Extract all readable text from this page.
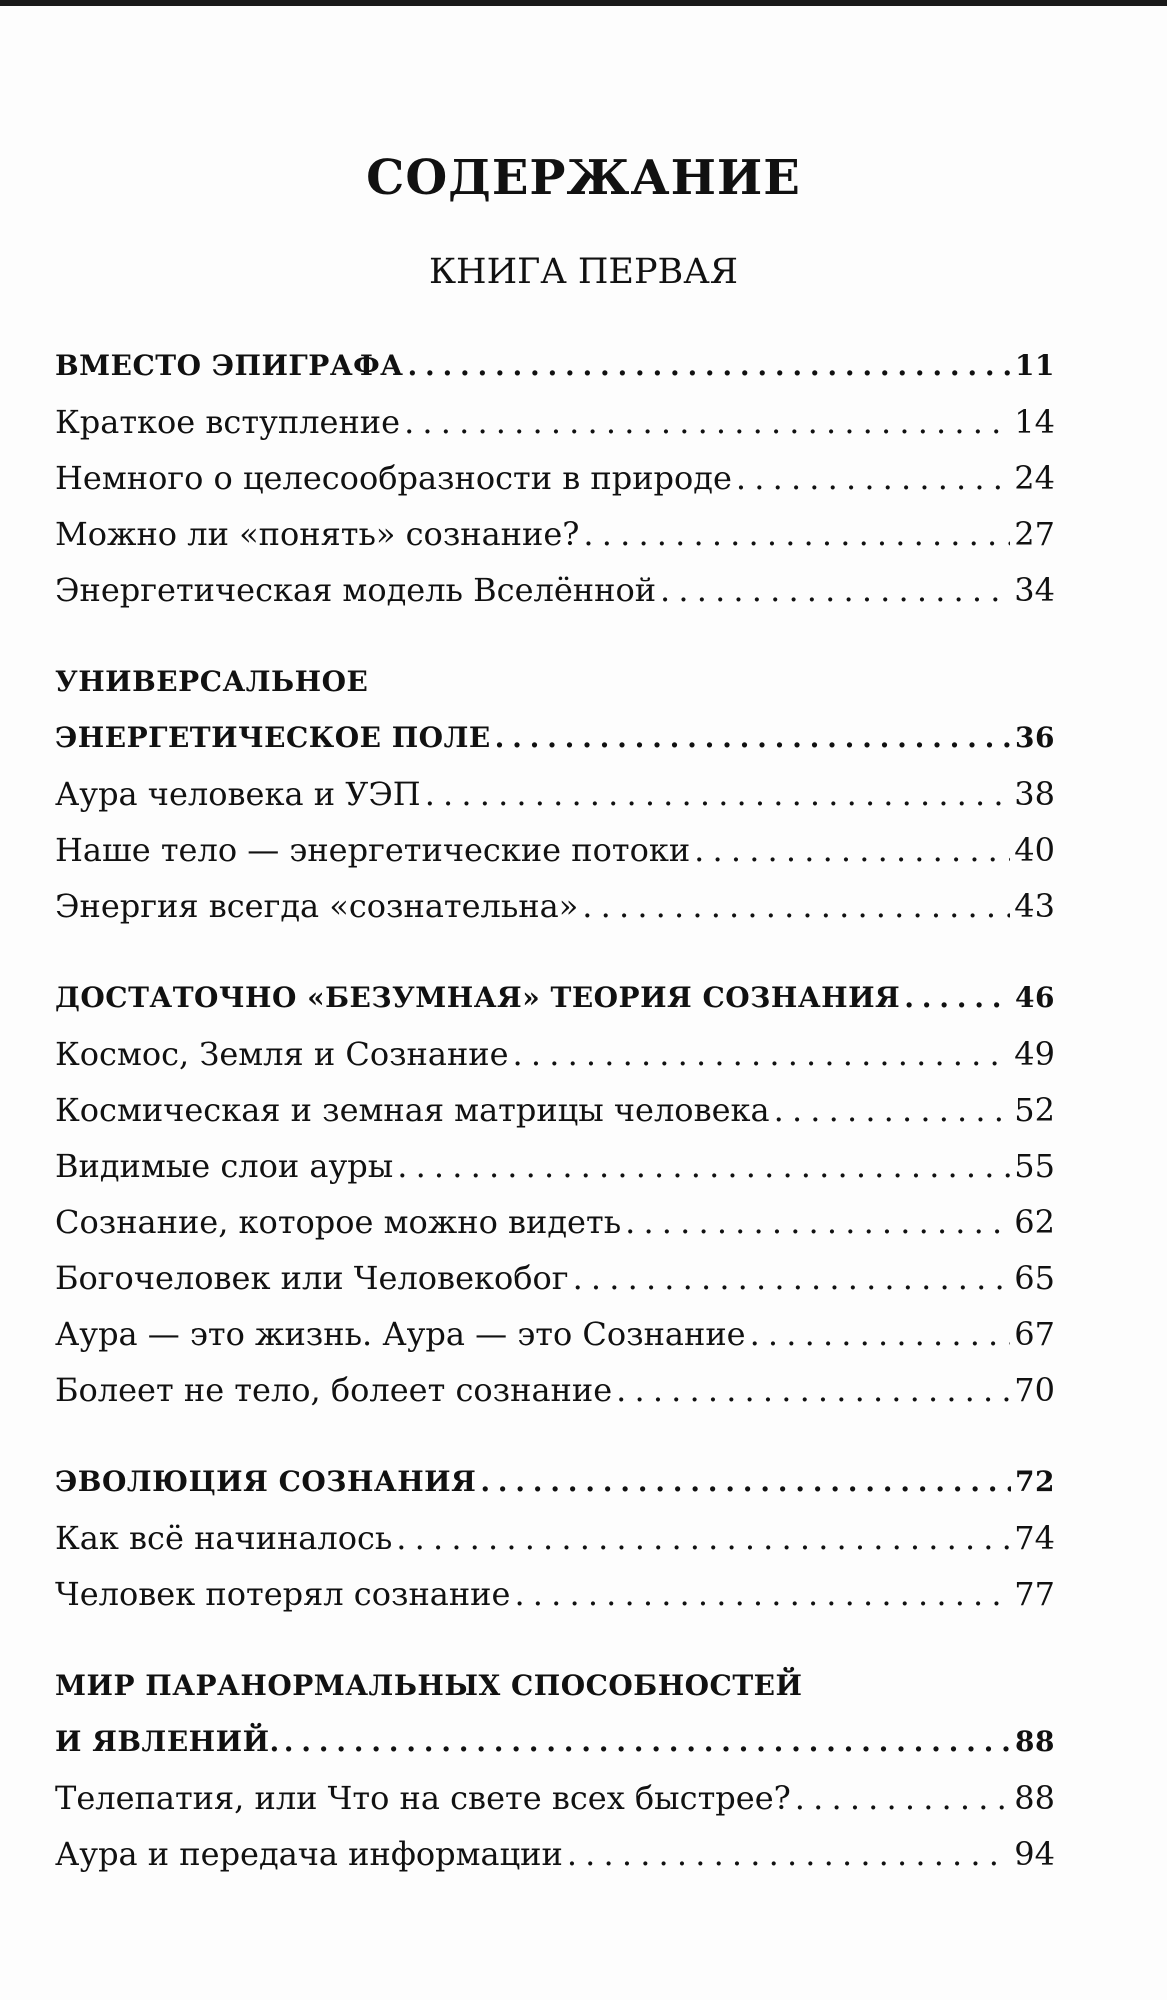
СОДЕРЖАНИЕ
КНИГА ПЕРВАЯ
ВМЕСТО ЭПИГРАФА . . .	11
Краткое вступление . . .	14
Немного о целесообразности в природе . . .	24
Можно ли «понять» сознание? . . .	27
Энергетическая модель Вселённой . . .	34
УНИВЕРСАЛЬНОЕ
ЭНЕРГЕТИЧЕСКОЕ ПОЛЕ . . .	36
Аура человека и УЭП . . .	38
Наше тело — энергетические потоки . . .	40
Энергия всегда «сознательна» . . .	43
ДОСТАТОЧНО «БЕЗУМНАЯ» ТЕОРИЯ СОЗНАНИЯ . . .	46
Космос, Земля и Сознание . . .	49
Космическая и земная матрицы человека . . .	52
Видимые слои ауры . . .	55
Сознание, которое можно видеть . . .	62
Богочеловек или Человекобог . . .	65
Аура — это жизнь. Аура — это Сознание . . .	67
Болеет не тело, болеет сознание . . .	70
ЭВОЛЮЦИЯ СОЗНАНИЯ . . .	72
Как всё начиналось . . .	74
Человек потерял сознание . . .	77
МИР ПАРАНОРМАЛЬНЫХ СПОСОБНОСТЕЙ
И ЯВЛЕНИЙ. . . .	88
Телепатия, или Что на свете всех быстрее? . . .	88
Аура и передача информации . . .	94
